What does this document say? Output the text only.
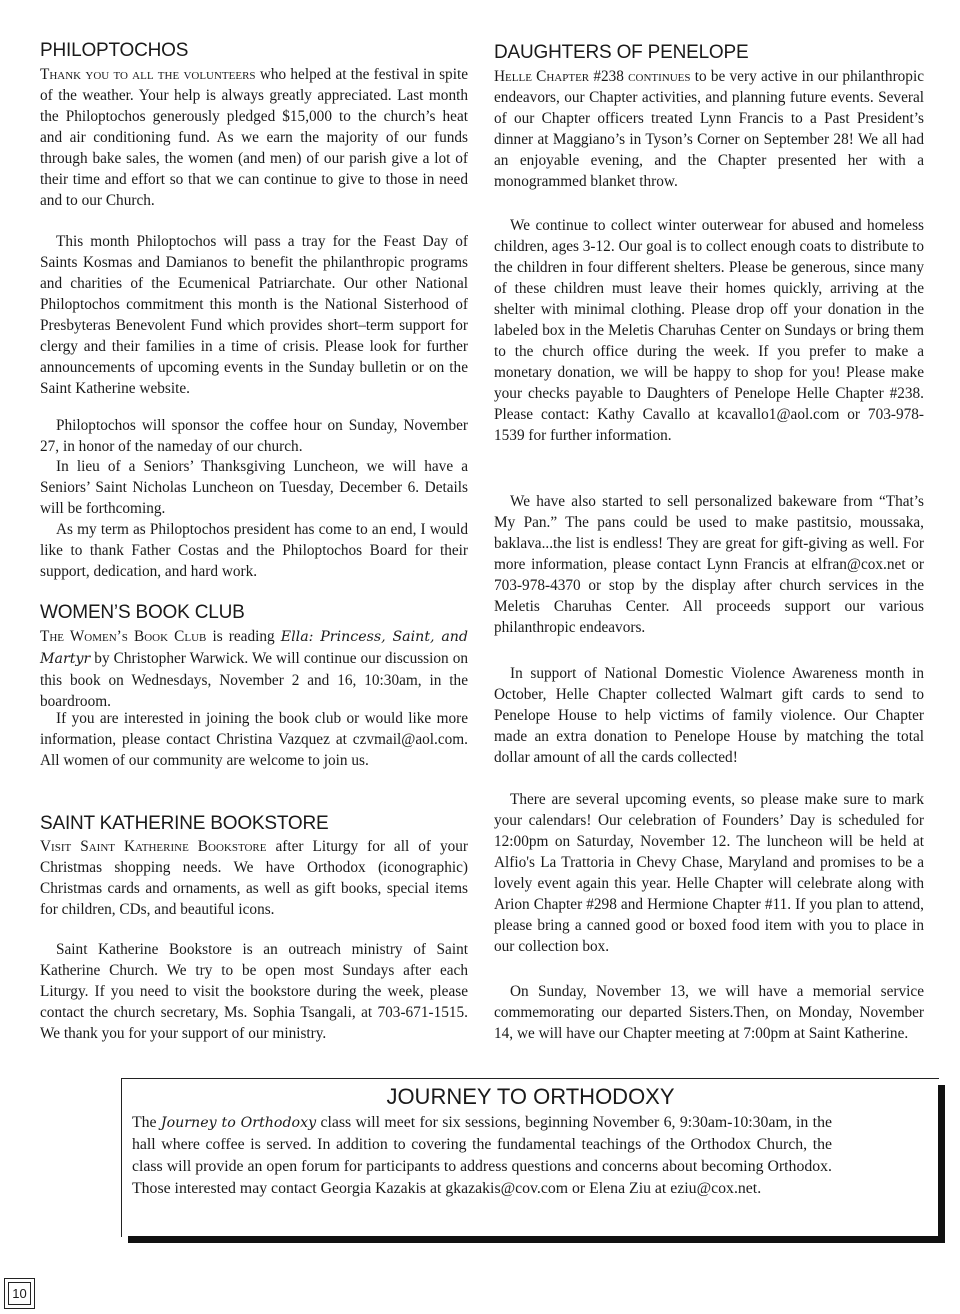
PHILOPTOCHOS

Thank you to all the volunteers who helped at the festival in spite of the weather. Your help is always greatly appreciated. Last month the Philoptochos generously pledged $15,000 to the church’s heat and air conditioning fund. As we earn the majority of our funds through bake sales, the women (and men) of our parish give a lot of their time and effort so that we can continue to give to those in need and to our Church.

This month Philoptochos will pass a tray for the Feast Day of Saints Kosmas and Damianos to benefit the philanthropic programs and charities of the Ecumenical Patriarchate. Our other National Philoptochos commitment this month is the National Sisterhood of Presbyteras Benevolent Fund which provides short–term support for clergy and their families in a time of crisis. Please look for further announcements of upcoming events in the Sunday bulletin or on the Saint Katherine website.

Philoptochos will sponsor the coffee hour on Sunday, November 27, in honor of the nameday of our church.

In lieu of a Seniors’ Thanksgiving Luncheon, we will have a Seniors’ Saint Nicholas Luncheon on Tuesday, December 6. Details will be forthcoming.

As my term as Philoptochos president has come to an end, I would like to thank Father Costas and the Philoptochos Board for their support, dedication, and hard work.

WOMEN’S BOOK CLUB

The Women’s Book Club is reading Ella: Princess, Saint, and Martyr by Christopher Warwick. We will continue our discussion on this book on Wednesdays, November 2 and 16, 10:30am, in the boardroom.

If you are interested in joining the book club or would like more information, please contact Christina Vazquez at czvmail@aol.com. All women of our community are welcome to join us.

SAINT KATHERINE BOOKSTORE

Visit Saint Katherine Bookstore after Liturgy for all of your Christmas shopping needs. We have Orthodox (iconographic) Christmas cards and ornaments, as well as gift books, special items for children, CDs, and beautiful icons.

Saint Katherine Bookstore is an outreach ministry of Saint Katherine Church. We try to be open most Sundays after each Liturgy. If you need to visit the bookstore during the week, please contact the church secretary, Ms. Sophia Tsangali, at 703-671-1515. We thank you for your support of our ministry.

DAUGHTERS OF PENELOPE

Helle Chapter #238 continues to be very active in our philanthropic endeavors, our Chapter activities, and planning future events. Several of our Chapter officers treated Lynn Francis to a Past President’s dinner at Maggiano’s in Tyson’s Corner on September 28! We all had an enjoyable evening, and the Chapter presented her with a monogrammed blanket throw.

We continue to collect winter outerwear for abused and homeless children, ages 3-12. Our goal is to collect enough coats to distribute to the children in four different shelters. Please be generous, since many of these children must leave their homes quickly, arriving at the shelter with minimal clothing. Please drop off your donation in the labeled box in the Meletis Charuhas Center on Sundays or bring them to the church office during the week. If you prefer to make a monetary donation, we will be happy to shop for you! Please make your checks payable to Daughters of Penelope Helle Chapter #238. Please contact: Kathy Cavallo at kcavallo1@aol.com or 703-978-1539 for further information.

We have also started to sell personalized bakeware from “That’s My Pan.” The pans could be used to make pastitsio, moussaka, baklava...the list is endless! They are great for gift-giving as well. For more information, please contact Lynn Francis at elfran@cox.net or 703-978-4370 or stop by the display after church services in the Meletis Charuhas Center. All proceeds support our various philanthropic endeavors.

In support of National Domestic Violence Awareness month in October, Helle Chapter collected Walmart gift cards to send to Penelope House to help victims of family violence. Our Chapter made an extra donation to Penelope House by matching the total dollar amount of all the cards collected!

There are several upcoming events, so please make sure to mark your calendars! Our celebration of Founders’ Day is scheduled for 12:00pm on Saturday, November 12. The luncheon will be held at Alfio's La Trattoria in Chevy Chase, Maryland and promises to be a lovely event again this year. Helle Chapter will celebrate along with Arion Chapter #298 and Hermione Chapter #11. If you plan to attend, please bring a canned good or boxed food item with you to place in our collection box.

On Sunday, November 13, we will have a memorial service commemorating our departed Sisters.Then, on Monday, November 14, we will have our Chapter meeting at 7:00pm at Saint Katherine.

JOURNEY TO ORTHODOXY

The Journey to Orthodoxy class will meet for six sessions, beginning November 6, 9:30am-10:30am, in the hall where coffee is served. In addition to covering the fundamental teachings of the Orthodox Church, the class will provide an open forum for participants to address questions and concerns about becoming Orthodox. Those interested may contact Georgia Kazakis at gkazakis@cov.com or Elena Ziu at eziu@cox.net.

10
